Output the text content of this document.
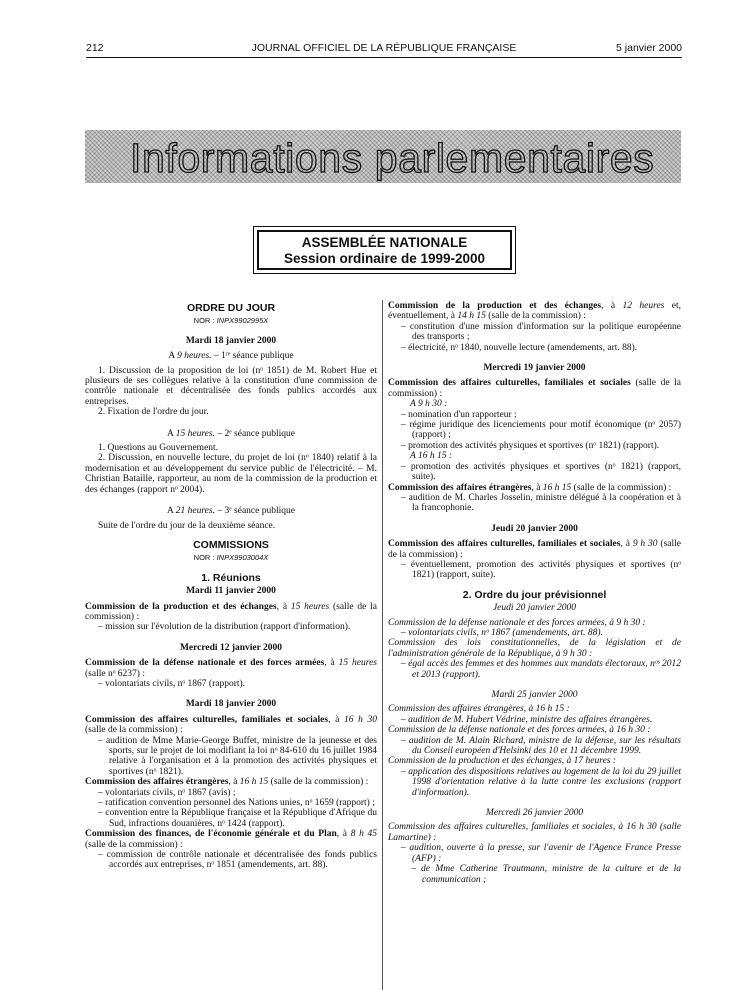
212	JOURNAL OFFICIEL DE LA RÉPUBLIQUE FRANÇAISE	5 janvier 2000
Informations parlementaires
ASSEMBLÉE NATIONALE
Session ordinaire de 1999-2000

ORDRE DU JOUR

NOR : INPX9902995X

Mardi 18 janvier 2000

A 9 heures. – 1ʳᵉ séance publique

1. Discussion de la proposition de loi (nᵒ 1851) de M. Robert Hue et plusieurs de ses collègues relative à la constitution d'une commission de contrôle nationale et décentralisée des fonds publics accordés aux entreprises.

2. Fixation de l'ordre du jour.

A 15 heures. – 2ᵉ séance publique

1. Questions au Gouvernement.

2. Discussion, en nouvelle lecture, du projet de loi (nᵒ 1840) relatif à la modernisation et au développement du service public de l'électricité. – M. Christian Bataille, rapporteur, au nom de la commission de la production et des échanges (rapport nᵒ 2004).

A 21 heures. – 3ᵉ séance publique

Suite de l'ordre du jour de la deuxième séance.

COMMISSIONS

NOR : INPX9903004X

1. Réunions

Mardi 11 janvier 2000

Commission de la production et des échanges, à 15 heures (salle de la commission) :

– mission sur l'évolution de la distribution (rapport d'information).

Mercredi 12 janvier 2000

Commission de la défense nationale et des forces armées, à 15 heures (salle nᵒ 6237) :

– volontariats civils, nᵒ 1867 (rapport).

Mardi 18 janvier 2000

Commission des affaires culturelles, familiales et sociales, à 16 h 30 (salle de la commission) :

– audition de Mme Marie-George Buffet, ministre de la jeunesse et des sports, sur le projet de loi modifiant la loi nᵒ 84-610 du 16 juillet 1984 relative à l'organisation et à la promotion des activités physiques et sportives (nᵒ 1821).

Commission des affaires étrangères, à 16 h 15 (salle de la commission) :

– volontariats civils, nᵒ 1867 (avis) ;

– ratification convention personnel des Nations unies, nᵒ 1659 (rapport) ;

– convention entre la République française et la République d'Afrique du Sud, infractions douanières, nᵒ 1424 (rapport).

Commission des finances, de l'économie générale et du Plan, à 8 h 45 (salle de la commission) :

– commission de contrôle nationale et décentralisée des fonds publics accordés aux entreprises, nᵒ 1851 (amendements, art. 88).

Commission de la production et des échanges, à 12 heures et, éventuellement, à 14 h 15 (salle de la commission) :

– constitution d'une mission d'information sur la politique européenne des transports ;

– électricité, nᵒ 1840, nouvelle lecture (amendements, art. 88).

Mercredi 19 janvier 2000

Commission des affaires culturelles, familiales et sociales (salle de la commission) :

A 9 h 30 :

– nomination d'un rapporteur ;

– régime juridique des licenciements pour motif économique (nᵒ 2057) (rapport) ;

– promotion des activités physiques et sportives (nᵒ 1821) (rapport).

A 16 h 15 :

– promotion des activités physiques et sportives (nᵒ 1821) (rapport, suite).

Commission des affaires étrangères, à 16 h 15 (salle de la commission) :

– audition de M. Charles Josselin, ministre délégué à la coopération et à la francophonie.

Jeudi 20 janvier 2000

Commission des affaires culturelles, familiales et sociales, à 9 h 30 (salle de la commission) :

– éventuellement, promotion des activités physiques et sportives (nᵒ 1821) (rapport, suite).

2. Ordre du jour prévisionnel

Jeudi 20 janvier 2000

Commission de la défense nationale et des forces armées, à 9 h 30 :

– volontariats civils, nᵒ 1867 (amendements, art. 88).

Commission des lois constitutionnelles, de la législation et de l'administration générale de la République, à 9 h 30 :

– égal accès des femmes et des hommes aux mandats électoraux, nᵒˢ 2012 et 2013 (rapport).

Mardi 25 janvier 2000

Commission des affaires étrangères, à 16 h 15 :

– audition de M. Hubert Védrine, ministre des affaires étrangères.

Commission de la défense nationale et des forces armées, à 16 h 30 :

– audition de M. Alain Richard, ministre de la défense, sur les résultats du Conseil européen d'Helsinki des 10 et 11 décembre 1999.

Commission de la production et des échanges, à 17 heures :

– application des dispositions relatives au logement de la loi du 29 juillet 1998 d'orientation relative à la lutte contre les exclusions (rapport d'information).

Mercredi 26 janvier 2000

Commission des affaires culturelles, familiales et sociales, à 16 h 30 (salle Lamartine) :

– audition, ouverte à la presse, sur l'avenir de l'Agence France Presse (AFP) :

– de Mme Catherine Trautmann, ministre de la culture et de la communication ;
